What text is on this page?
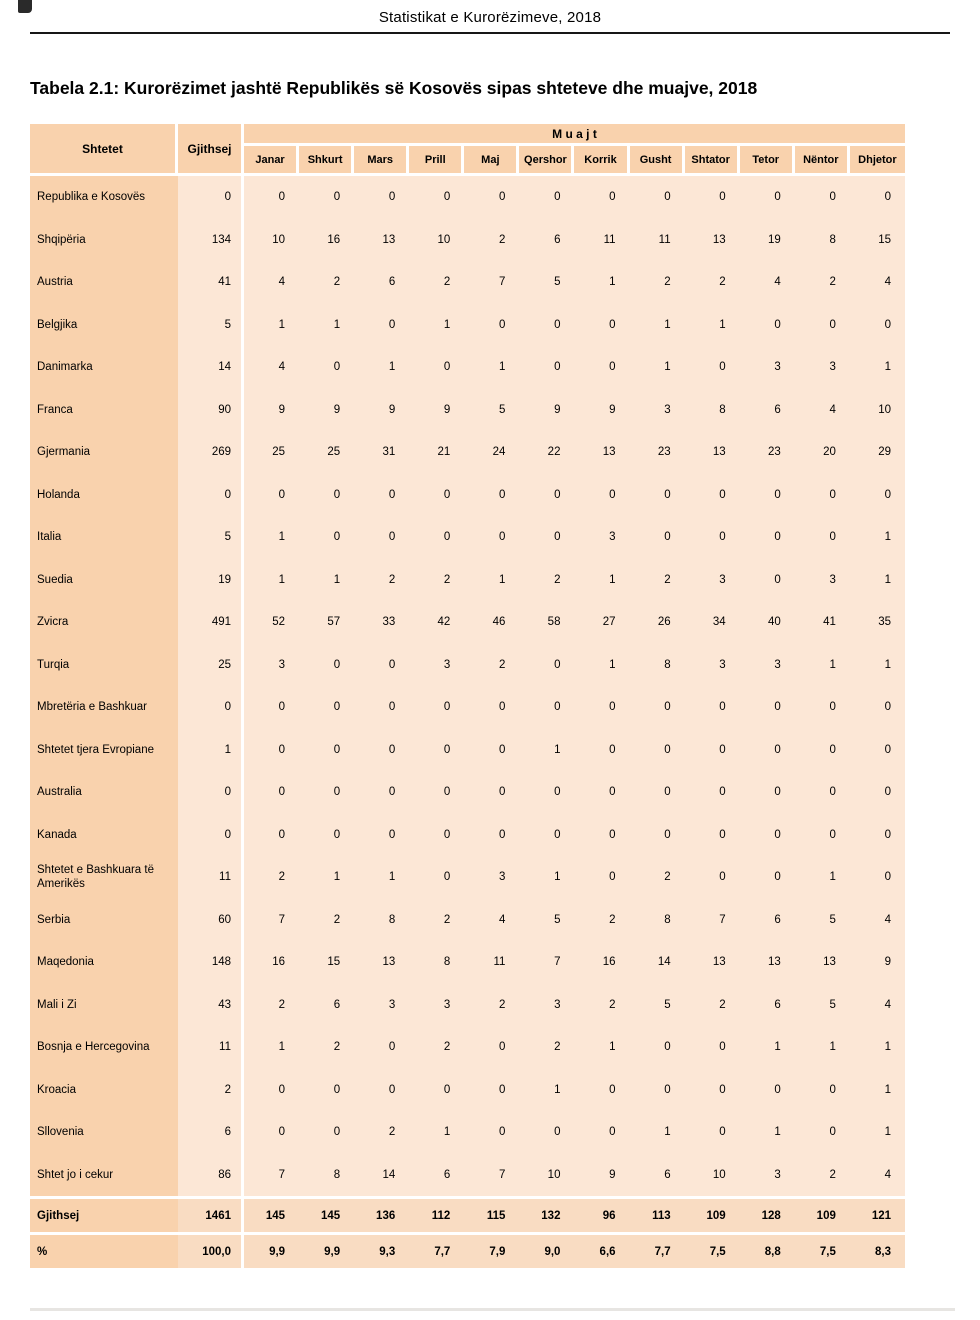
Statistikat e Kurorëzimeve, 2018
Tabela 2.1: Kurorëzimet jashtë Republikës së Kosovës sipas shteteve dhe muajve, 2018
Shtetet	Gjithsej	M u a j t											
		Janar	Shkurt	Mars	Prill	Maj	Qershor	Korrik	Gusht	Shtator	Tetor	Nëntor	Dhjetor
Republika e Kosovës	0	0	0	0	0	0	0	0	0	0	0	0	0
Shqipëria	134	10	16	13	10	2	6	11	11	13	19	8	15
Austria	41	4	2	6	2	7	5	1	2	2	4	2	4
Belgjika	5	1	1	0	1	0	0	0	1	1	0	0	0
Danimarka	14	4	0	1	0	1	0	0	1	0	3	3	1
Franca	90	9	9	9	9	5	9	9	3	8	6	4	10
Gjermania	269	25	25	31	21	24	22	13	23	13	23	20	29
Holanda	0	0	0	0	0	0	0	0	0	0	0	0	0
Italia	5	1	0	0	0	0	0	3	0	0	0	0	1
Suedia	19	1	1	2	2	1	2	1	2	3	0	3	1
Zvicra	491	52	57	33	42	46	58	27	26	34	40	41	35
Turqia	25	3	0	0	3	2	0	1	8	3	3	1	1
Mbretëria e Bashkuar	0	0	0	0	0	0	0	0	0	0	0	0	0
Shtetet tjera Evropiane	1	0	0	0	0	0	1	0	0	0	0	0	0
Australia	0	0	0	0	0	0	0	0	0	0	0	0	0
Kanada	0	0	0	0	0	0	0	0	0	0	0	0	0
Shtetet e Bashkuara të Amerikës	11	2	1	1	0	3	1	0	2	0	0	1	0
Serbia	60	7	2	8	2	4	5	2	8	7	6	5	4
Maqedonia	148	16	15	13	8	11	7	16	14	13	13	13	9
Mali i Zi	43	2	6	3	3	2	3	2	5	2	6	5	4
Bosnja e Hercegovina	11	1	2	0	2	0	2	1	0	0	1	1	1
Kroacia	2	0	0	0	0	0	1	0	0	0	0	0	1
Sllovenia	6	0	0	2	1	0	0	0	1	0	1	0	1
Shtet jo i cekur	86	7	8	14	6	7	10	9	6	10	3	2	4
Gjithsej	1461	145	145	136	112	115	132	96	113	109	128	109	121
%	100,0	9,9	9,9	9,3	7,7	7,9	9,0	6,6	7,7	7,5	8,8	7,5	8,3
